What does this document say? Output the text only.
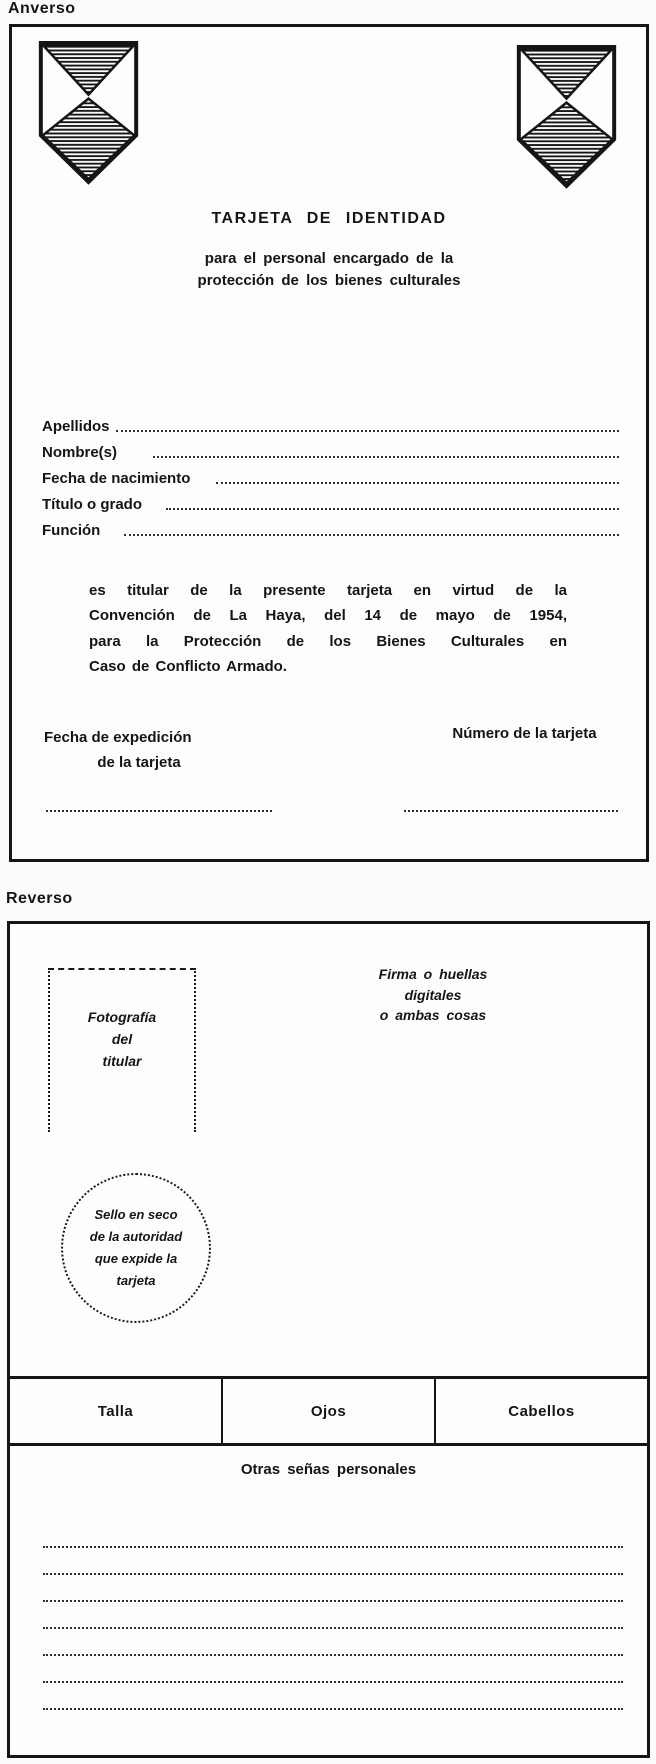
Anverso
TARJETA DE IDENTIDAD
para el personal encargado de la
protección de los bienes culturales
Apellidos
Nombre(s)
Fecha de nacimiento
Título o grado
Función
es titular de la presente tarjeta en virtud de la
Convención de La Haya, del 14 de mayo de 1954,
para la Protección de los Bienes Culturales en
Caso de Conflicto Armado.
Fecha de expedición
de la tarjeta
Número de la tarjeta
Reverso
Fotografía
del
titular
Firma o huellas
digitales
o ambas cosas
Sello en seco
de la autoridad
que expide la
tarjeta
Talla	Ojos	Cabellos
Otras señas personales
